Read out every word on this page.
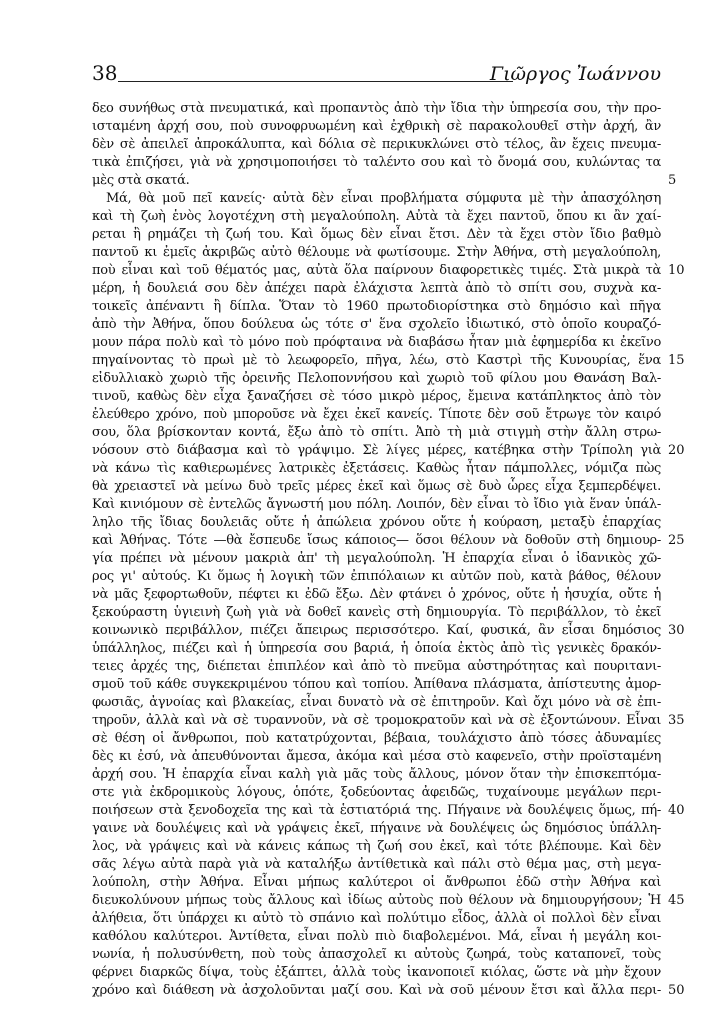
38	Γιῶργος Ἰωάννου
δεο συνήθως στὰ πνευματικά, καὶ προπαντὸς ἀπὸ τὴν ἴδια τὴν ὑπηρεσία σου, τὴν προ-
ισταμένη ἀρχή σου, ποὺ συνοφρυωμένη καὶ ἐχθρικὴ σὲ παρακολουθεῖ στὴν ἀρχή, ἂν
δὲν σὲ ἀπειλεῖ ἀπροκάλυπτα, καὶ δόλια σὲ περικυκλώνει στὸ τέλος, ἂν ἔχεις πνευμα-
τικὰ ἐπιζήσει, γιὰ νὰ χρησιμοποιήσει τὸ ταλέντο σου καὶ τὸ ὄνομά σου, κυλώντας τα
μὲς στὰ σκατά.
Μά, θὰ μοῦ πεῖ κανείς· αὐτὰ δὲν εἶναι προβλήματα σύμφυτα μὲ τὴν ἀπασχόληση
καὶ τὴ ζωὴ ἑνὸς λογοτέχνη στὴ μεγαλούπολη. Αὐτὰ τὰ ἔχει παντοῦ, ὅπου κι ἂν χαί-
ρεται ἢ ρημάζει τὴ ζωή του. Καὶ ὅμως δὲν εἶναι ἔτσι. Δὲν τὰ ἔχει στὸν ἴδιο βαθμὸ
παντοῦ κι ἐμεῖς ἀκριβῶς αὐτὸ θέλουμε νὰ φωτίσουμε. Στὴν Ἀθήνα, στὴ μεγαλούπολη,
ποὺ εἶναι καὶ τοῦ θέματός μας, αὐτὰ ὅλα παίρνουν διαφορετικὲς τιμές. Στὰ μικρὰ τὰ
μέρη, ἡ δουλειά σου δὲν ἀπέχει παρὰ ἐλάχιστα λεπτὰ ἀπὸ τὸ σπίτι σου, συχνὰ κα-
τοικεῖς ἀπέναντι ἢ δίπλα. Ὅταν τὸ 1960 πρωτοδιορίστηκα στὸ δημόσιο καὶ πῆγα
ἀπὸ τὴν Ἀθήνα, ὅπου δούλευα ὡς τότε σ' ἕνα σχολεῖο ἰδιωτικό, στὸ ὁποῖο κουραζό-
μουν πάρα πολὺ καὶ τὸ μόνο ποὺ πρόφταινα νὰ διαβάσω ἦταν μιὰ ἐφημερίδα κι ἐκεῖνο
πηγαίνοντας τὸ πρωὶ μὲ τὸ λεωφορεῖο, πῆγα, λέω, στὸ Καστρὶ τῆς Κυνουρίας, ἕνα
εἰδυλλιακὸ χωριὸ τῆς ὀρεινῆς Πελοποννήσου καὶ χωριὸ τοῦ φίλου μου Θανάση Βαλ-
τινοῦ, καθὼς δὲν εἶχα ξαναζήσει σὲ τόσο μικρὸ μέρος, ἔμεινα κατάπληκτος ἀπὸ τὸν
ἐλεύθερο χρόνο, ποὺ μποροῦσε νὰ ἔχει ἐκεῖ κανείς. Τίποτε δὲν σοῦ ἔτρωγε τὸν καιρό
σου, ὅλα βρίσκονταν κοντά, ἔξω ἀπὸ τὸ σπίτι. Ἀπὸ τὴ μιὰ στιγμὴ στὴν ἄλλη στρω-
νόσουν στὸ διάβασμα καὶ τὸ γράψιμο. Σὲ λίγες μέρες, κατέβηκα στὴν Τρίπολη γιὰ
νὰ κάνω τὶς καθιερωμένες λατρικὲς ἐξετάσεις. Καθὼς ἦταν πάμπολλες, νόμιζα πὼς
θὰ χρειαστεῖ νὰ μείνω δυὸ τρεῖς μέρες ἐκεῖ καὶ ὅμως σὲ δυὸ ὧρες εἶχα ξεμπερδέψει.
Καὶ κινιόμουν σὲ ἐντελῶς ἄγνωστή μου πόλη. Λοιπόν, δὲν εἶναι τὸ ἴδιο γιὰ ἕναν ὑπάλ-
ληλο τῆς ἴδιας δουλειᾶς οὔτε ἡ ἀπώλεια χρόνου οὔτε ἡ κούραση, μεταξὺ ἐπαρχίας
καὶ Ἀθήνας. Τότε —θὰ ἔσπευδε ἴσως κάποιος— ὅσοι θέλουν νὰ δοθοῦν στὴ δημιουρ-
γία πρέπει νὰ μένουν μακριὰ ἀπ' τὴ μεγαλούπολη. Ἡ ἐπαρχία εἶναι ὁ ἰδανικὸς χῶ-
ρος γι' αὐτούς. Κι ὅμως ἡ λογικὴ τῶν ἐπιπόλαιων κι αὐτῶν ποὺ, κατὰ βάθος, θέλουν
νὰ μᾶς ξεφορτωθοῦν, πέφτει κι ἐδῶ ἔξω. Δὲν φτάνει ὁ χρόνος, οὔτε ἡ ἡσυχία, οὔτε ἡ
ξεκούραστη ὑγιεινὴ ζωὴ γιὰ νὰ δοθεῖ κανεὶς στὴ δημιουργία. Τὸ περιβάλλον, τὸ ἐκεῖ
κοινωνικὸ περιβάλλον, πιέζει ἄπειρως περισσότερο. Καί, φυσικά, ἂν εἶσαι δημόσιος
ὑπάλληλος, πιέζει καὶ ἡ ὑπηρεσία σου βαριά, ἡ ὁποία ἐκτὸς ἀπὸ τὶς γενικὲς δρακόν-
τειες ἀρχές της, διέπεται ἐπιπλέον καὶ ἀπὸ τὸ πνεῦμα αὐστηρότητας καὶ πουριτανι-
σμοῦ τοῦ κάθε συγκεκριμένου τόπου καὶ τοπίου. Ἀπίθανα πλάσματα, ἀπίστευτης ἀμορ-
φωσιᾶς, ἀγνοίας καὶ βλακείας, εἶναι δυνατὸ νὰ σὲ ἐπιτηροῦν. Καὶ ὄχι μόνο νὰ σὲ ἐπι-
τηροῦν, ἀλλὰ καὶ νὰ σὲ τυραννοῦν, νὰ σὲ τρομοκρατοῦν καὶ νὰ σὲ ἐξοντώνουν. Εἶναι
σὲ θέση οἱ ἄνθρωποι, ποὺ κατατρύχονται, βέβαια, τουλάχιστο ἀπὸ τόσες ἀδυναμίες
δὲς κι ἐσύ, νὰ ἀπευθύνονται ἄμεσα, ἀκόμα καὶ μέσα στὸ καφενεῖο, στὴν προϊσταμένη
ἀρχή σου. Ἡ ἐπαρχία εἶναι καλὴ γιὰ μᾶς τοὺς ἄλλους, μόνον ὅταν τὴν ἐπισκεπτόμα-
στε γιὰ ἐκδρομικοὺς λόγους, ὁπότε, ξοδεύοντας ἀφειδῶς, τυχαίνουμε μεγάλων περι-
ποιήσεων στὰ ξενοδοχεῖα της καὶ τὰ ἑστιατόριά της. Πήγαινε νὰ δουλέψεις ὅμως, πή-
γαινε νὰ δουλέψεις καὶ νὰ γράψεις ἐκεῖ, πήγαινε νὰ δουλέψεις ὡς δημόσιος ὑπάλλη-
λος, νὰ γράψεις καὶ νὰ κάνεις κάπως τὴ ζωή σου ἐκεῖ, καὶ τότε βλέπουμε. Καὶ δὲν
σᾶς λέγω αὐτὰ παρὰ γιὰ νὰ καταλήξω ἀντίθετικὰ καὶ πάλι στὸ θέμα μας, στὴ μεγα-
λούπολη, στὴν Ἀθήνα. Εἶναι μήπως καλύτεροι οἱ ἄνθρωποι ἐδῶ στὴν Ἀθήνα καὶ
διευκολύνουν μήπως τοὺς ἄλλους καὶ ἰδίως αὐτοὺς ποὺ θέλουν νὰ δημιουργήσουν; Ἡ
ἀλήθεια, ὅτι ὑπάρχει κι αὐτὸ τὸ σπάνιο καὶ πολύτιμο εἶδος, ἀλλὰ οἱ πολλοὶ δὲν εἶναι
καθόλου καλύτεροι. Ἀντίθετα, εἶναι πολὺ πιὸ διαβολεμένοι. Μά, εἶναι ἡ μεγάλη κοι-
νωνία, ἡ πολυσύνθετη, ποὺ τοὺς ἀπασχολεῖ κι αὐτοὺς ζωηρά, τοὺς καταπονεῖ, τοὺς
φέρνει διαρκῶς δίψα, τοὺς ἐξάπτει, ἀλλὰ τοὺς ἱκανοποιεῖ κιόλας, ὥστε νὰ μὴν ἔχουν
χρόνο καὶ διάθεση νὰ ἀσχολοῦνται μαζί σου. Καὶ νὰ σοῦ μένουν ἔτσι καὶ ἄλλα περι-
5
10
15
20
25
30
35
40
45
50
